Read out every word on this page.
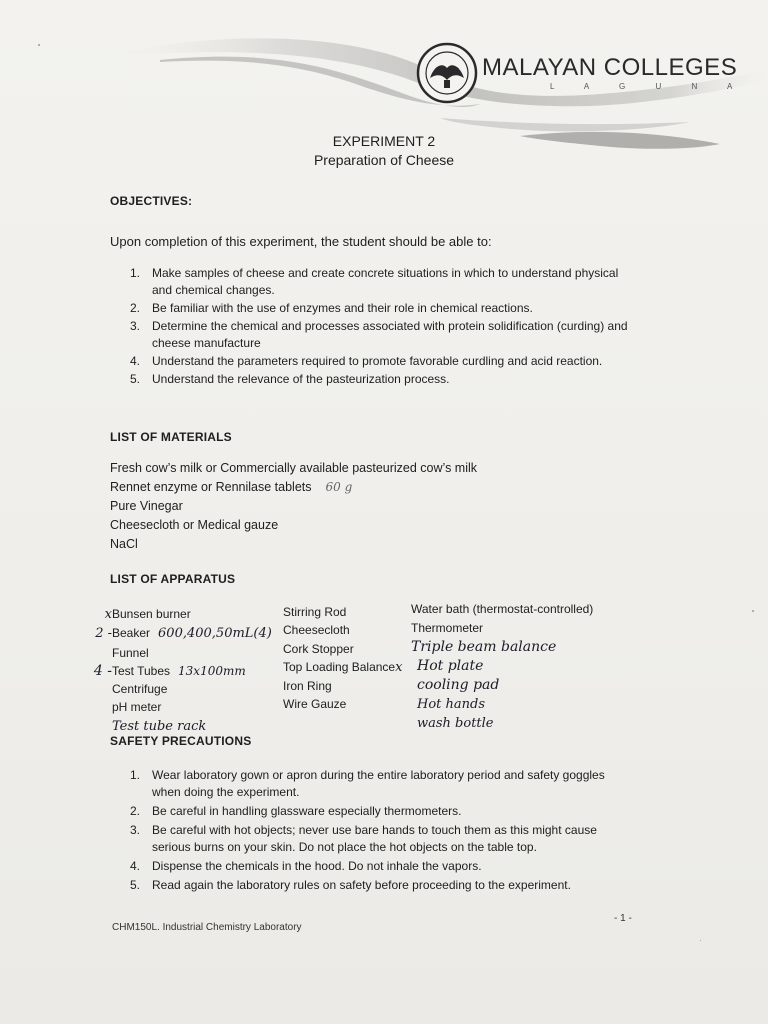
MALAYAN COLLEGES
L A G U N A
EXPERIMENT 2
Preparation of Cheese
OBJECTIVES:
Upon completion of this experiment, the student should be able to:
1. Make samples of cheese and create concrete situations in which to understand physical and chemical changes.
2. Be familiar with the use of enzymes and their role in chemical reactions.
3. Determine the chemical and processes associated with protein solidification (curding) and cheese manufacture
4. Understand the parameters required to promote favorable curdling and acid reaction.
5. Understand the relevance of the pasteurization process.
LIST OF MATERIALS
Fresh cow’s milk or Commercially available pasteurized cow’s milk
Rennet enzyme or Rennilase tablets 60 g
Pure Vinegar
Cheesecloth or Medical gauze
NaCl
LIST OF APPARATUS
xBunsen burner
2 -Beaker 600,400,50mL(4)
Funnel
4 -Test Tubes 13x100mm
Centrifuge
pH meter
Test tube rack
Stirring Rod
Cheesecloth
Cork Stopper
Top Loading Balancex
Iron Ring
Wire Gauze
Water bath (thermostat-controlled)
Thermometer
Triple beam balance
Hot plate
cooling pad
Hot hands
wash bottle
SAFETY PRECAUTIONS
1. Wear laboratory gown or apron during the entire laboratory period and safety goggles when doing the experiment.
2. Be careful in handling glassware especially thermometers.
3. Be careful with hot objects; never use bare hands to touch them as this might cause serious burns on your skin. Do not place the hot objects on the table top.
4. Dispense the chemicals in the hood. Do not inhale the vapors.
5. Read again the laboratory rules on safety before proceeding to the experiment.
CHM150L. Industrial Chemistry Laboratory
- 1 -
